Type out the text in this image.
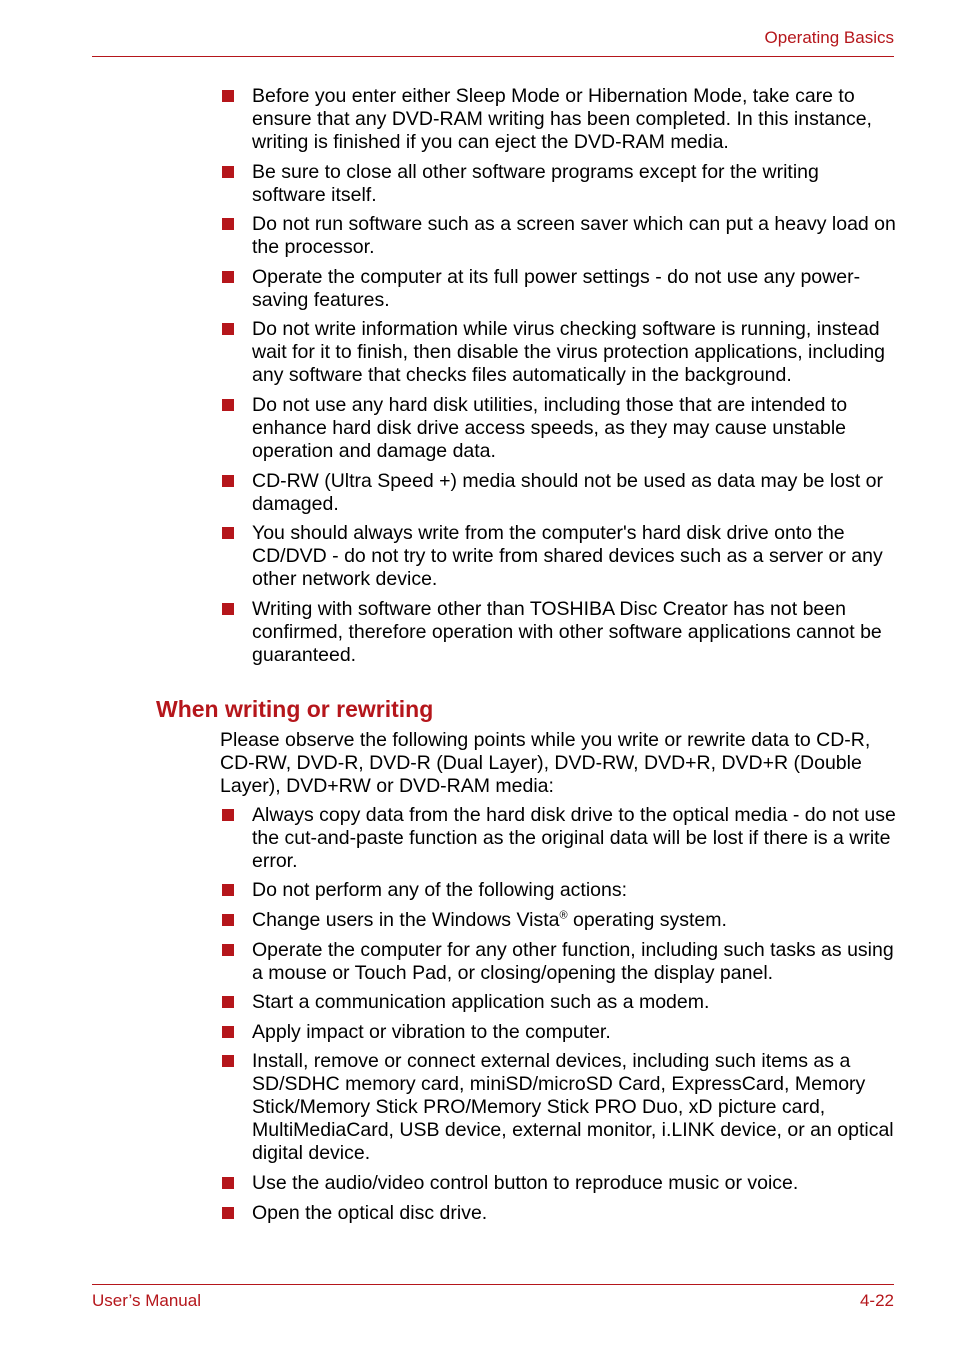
Operating Basics
Before you enter either Sleep Mode or Hibernation Mode, take care to ensure that any DVD-RAM writing has been completed. In this instance, writing is finished if you can eject the DVD-RAM media.
Be sure to close all other software programs except for the writing software itself.
Do not run software such as a screen saver which can put a heavy load on the processor.
Operate the computer at its full power settings - do not use any power-saving features.
Do not write information while virus checking software is running, instead wait for it to finish, then disable the virus protection applications, including any software that checks files automatically in the background.
Do not use any hard disk utilities, including those that are intended to enhance hard disk drive access speeds, as they may cause unstable operation and damage data.
CD-RW (Ultra Speed +) media should not be used as data may be lost or damaged.
You should always write from the computer's hard disk drive onto the CD/DVD - do not try to write from shared devices such as a server or any other network device.
Writing with software other than TOSHIBA Disc Creator has not been confirmed, therefore operation with other software applications cannot be guaranteed.
When writing or rewriting
Please observe the following points while you write or rewrite data to CD-R, CD-RW, DVD-R, DVD-R (Dual Layer), DVD-RW, DVD+R, DVD+R (Double Layer), DVD+RW or DVD-RAM media:
Always copy data from the hard disk drive to the optical media - do not use the cut-and-paste function as the original data will be lost if there is a write error.
Do not perform any of the following actions:
Change users in the Windows Vista® operating system.
Operate the computer for any other function, including such tasks as using a mouse or Touch Pad, or closing/opening the display panel.
Start a communication application such as a modem.
Apply impact or vibration to the computer.
Install, remove or connect external devices, including such items as a SD/SDHC memory card, miniSD/microSD Card, ExpressCard, Memory Stick/Memory Stick PRO/Memory Stick PRO Duo, xD picture card, MultiMediaCard, USB device, external monitor, i.LINK device, or an optical digital device.
Use the audio/video control button to reproduce music or voice.
Open the optical disc drive.
User’s Manual	4-22
